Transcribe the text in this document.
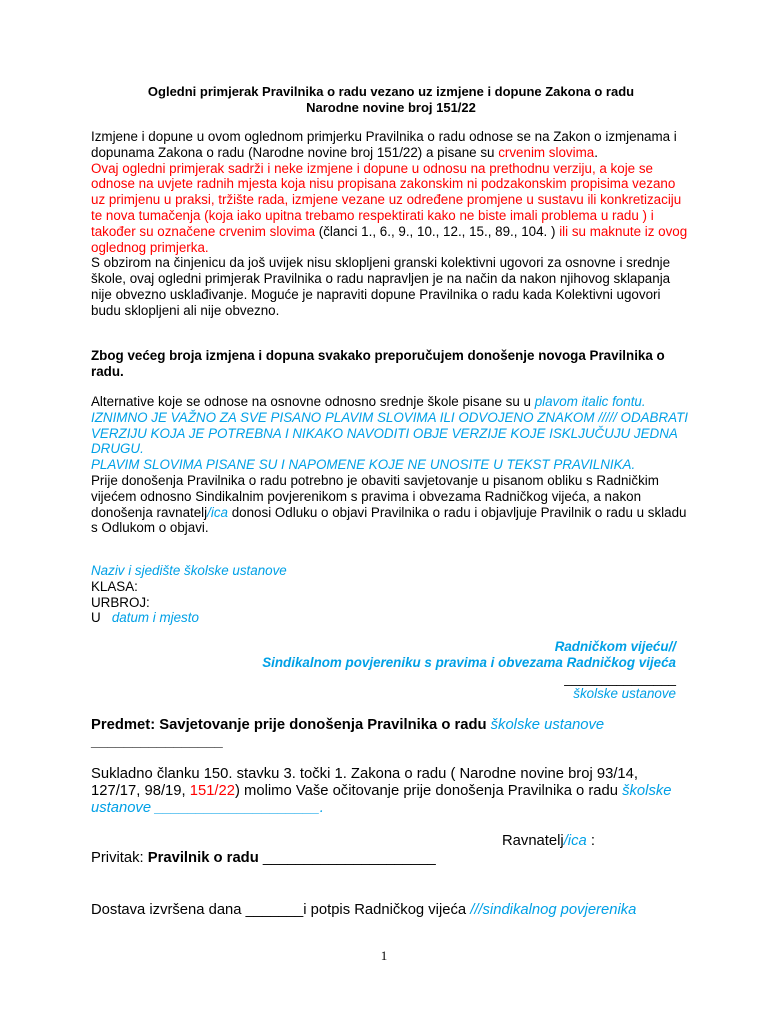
Ogledni primjerak Pravilnika o radu vezano uz izmjene i dopune Zakona o radu
Narodne novine broj 151/22
Izmjene i dopune u ovom oglednom primjerku Pravilnika o radu odnose se na Zakon o izmjenama i dopunama Zakona o radu (Narodne novine broj 151/22) a pisane su crvenim slovima.
Ovaj ogledni primjerak sadrži i neke izmjene i dopune u odnosu na prethodnu verziju, a koje se odnose na uvjete radnih mjesta koja nisu propisana zakonskim ni podzakonskim propisima vezano uz primjenu u praksi, tržište rada, izmjene vezane uz određene promjene u sustavu ili konkretizaciju te nova tumačenja (koja iako upitna trebamo respektirati kako ne biste imali problema u radu ) i također su označene crvenim slovima (članci 1., 6., 9., 10., 12., 15., 89., 104. ) ili su maknute iz ovog oglednog primjerka.
S obzirom na činjenicu da još uvijek nisu sklopljeni granski kolektivni ugovori za osnovne i srednje škole, ovaj ogledni primjerak Pravilnika o radu napravljen je na način da nakon njihovog sklapanja nije obvezno usklađivanje. Moguće je napraviti dopune Pravilnika o radu kada Kolektivni ugovori budu sklopljeni ali nije obvezno.
Zbog većeg broja izmjena i dopuna svakako preporučujem donošenje novoga Pravilnika o radu.
Alternative koje se odnose na osnovne odnosno srednje škole pisane su u plavom italic fontu.
IZNIMNO JE VAŽNO ZA SVE PISANO PLAVIM SLOVIMA ILI ODVOJENO ZNAKOM ///// ODABRATI VERZIJU KOJA JE POTREBNA I NIKAKO NAVODITI OBJE VERZIJE KOJE ISKLJUČUJU JEDNA DRUGU.
PLAVIM SLOVIMA PISANE SU I NAPOMENE KOJE NE UNOSITE U TEKST PRAVILNIKA.
Prije donošenja Pravilnika o radu potrebno je obaviti savjetovanje u pisanom obliku s Radničkim vijećem odnosno Sindikalnim povjerenikom s pravima i obvezama Radničkog vijeća, a nakon donošenja ravnatelj/ica donosi Odluku o objavi Pravilnika o radu i objavljuje Pravilnik o radu u skladu s Odlukom o objavi.
Naziv i sjedište školske ustanove
KLASA:
URBROJ:
U datum i mjesto
Radničkom vijeću//
Sindikalnom povjereniku s pravima i obvezama Radničkog vijeća
_______________
školske ustanove
Predmet: Savjetovanje prije donošenja Pravilnika o radu školske ustanove
________________
Sukladno članku 150. stavku 3. točki 1. Zakona o radu ( Narodne novine broj 93/14, 127/17, 98/19, 151/22) molimo Vaše očitovanje prije donošenja Pravilnika o radu školske ustanove ____________________.
Ravnatelj/ica :
Privitak: Pravilnik o radu _____________________
Dostava izvršena dana _______i potpis Radničkog vijeća ///sindikalnog povjerenika
1
